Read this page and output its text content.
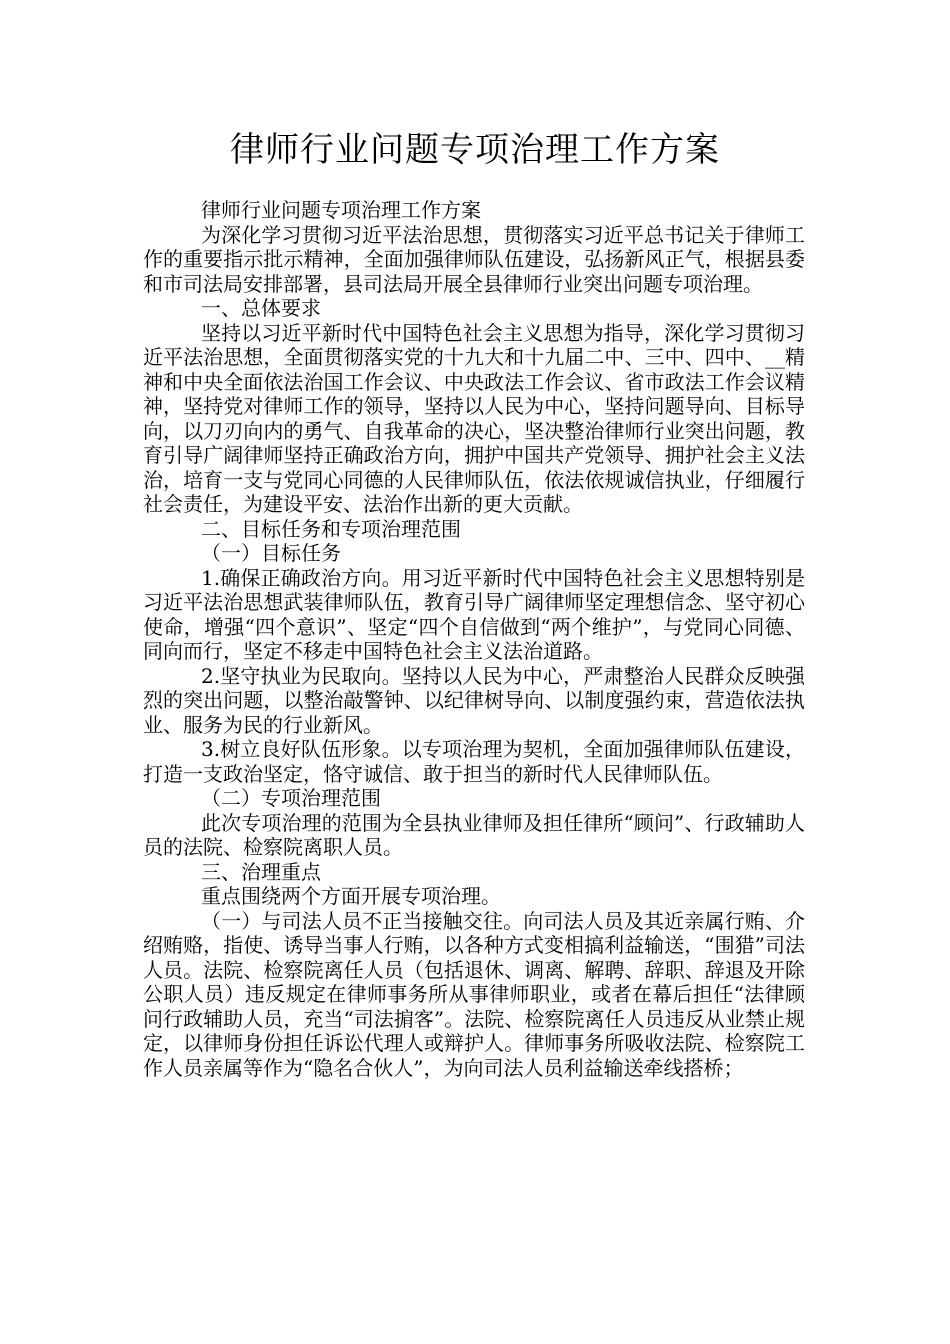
律师行业问题专项治理工作方案

律师行业问题专项治理工作方案

为深化学习贯彻习近平法治思想，贯彻落实习近平总书记关于律师工作的重要指示批示精神，全面加强律师队伍建设，弘扬新风正气，根据县委和市司法局安排部署，县司法局开展全县律师行业突出问题专项治理。

一、总体要求

坚持以习近平新时代中国特色社会主义思想为指导，深化学习贯彻习近平法治思想，全面贯彻落实党的十九大和十九届二中、三中、四中、__精神和中央全面依法治国工作会议、中央政法工作会议、省市政法工作会议精神，坚持党对律师工作的领导，坚持以人民为中心，坚持问题导向、目标导向，以刀刃向内的勇气、自我革命的决心，坚决整治律师行业突出问题，教育引导广阔律师坚持正确政治方向，拥护中国共产党领导、拥护社会主义法治，培育一支与党同心同德的人民律师队伍，依法依规诚信执业，仔细履行社会责任，为建设平安、法治作出新的更大贡献。

二、目标任务和专项治理范围

（一）目标任务

1.确保正确政治方向。用习近平新时代中国特色社会主义思想特别是习近平法治思想武装律师队伍，教育引导广阔律师坚定理想信念、坚守初心使命，增强“四个意识”、坚定“四个自信做到“两个维护”，与党同心同德、同向而行，坚定不移走中国特色社会主义法治道路。

2.坚守执业为民取向。坚持以人民为中心，严肃整治人民群众反映强烈的突出问题，以整治敲警钟、以纪律树导向、以制度强约束，营造依法执业、服务为民的行业新风。

3.树立良好队伍形象。以专项治理为契机，全面加强律师队伍建设，打造一支政治坚定，恪守诚信、敢于担当的新时代人民律师队伍。

（二）专项治理范围

此次专项治理的范围为全县执业律师及担任律所“顾问”、行政辅助人员的法院、检察院离职人员。

三、治理重点

重点围绕两个方面开展专项治理。

（一）与司法人员不正当接触交往。向司法人员及其近亲属行贿、介绍贿赂，指使、诱导当事人行贿，以各种方式变相搞利益输送，“围猎”司法人员。法院、检察院离任人员（包括退休、调离、解聘、辞职、辞退及开除公职人员）违反规定在律师事务所从事律师职业，或者在幕后担任“法律顾问行政辅助人员，充当“司法掮客”。法院、检察院离任人员违反从业禁止规定，以律师身份担任诉讼代理人或辩护人。律师事务所吸收法院、检察院工作人员亲属等作为“隐名合伙人”，为向司法人员利益输送牵线搭桥；
